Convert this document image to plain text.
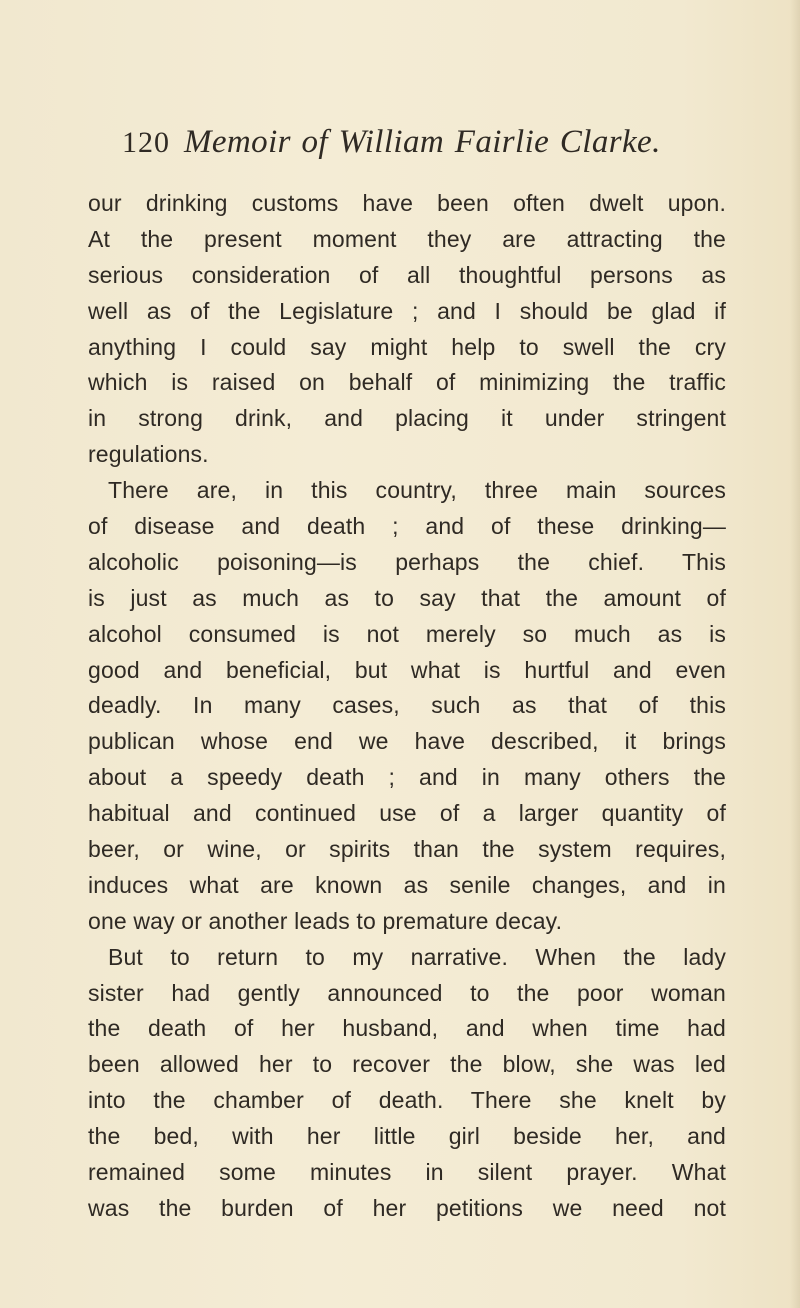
120 Memoir of William Fairlie Clarke.
our drinking customs have been often dwelt upon.
At the present moment they are attracting the
serious consideration of all thoughtful persons as
well as of the Legislature ; and I should be glad if
anything I could say might help to swell the cry
which is raised on behalf of minimizing the traffic
in strong drink, and placing it under stringent
regulations.
There are, in this country, three main sources
of disease and death ; and of these drinking—
alcoholic poisoning—is perhaps the chief. This
is just as much as to say that the amount of
alcohol consumed is not merely so much as is
good and beneficial, but what is hurtful and even
deadly. In many cases, such as that of this
publican whose end we have described, it brings
about a speedy death ; and in many others the
habitual and continued use of a larger quantity of
beer, or wine, or spirits than the system requires,
induces what are known as senile changes, and in
one way or another leads to premature decay.
But to return to my narrative. When the lady
sister had gently announced to the poor woman
the death of her husband, and when time had
been allowed her to recover the blow, she was led
into the chamber of death. There she knelt by
the bed, with her little girl beside her, and
remained some minutes in silent prayer. What
was the burden of her petitions we need not
